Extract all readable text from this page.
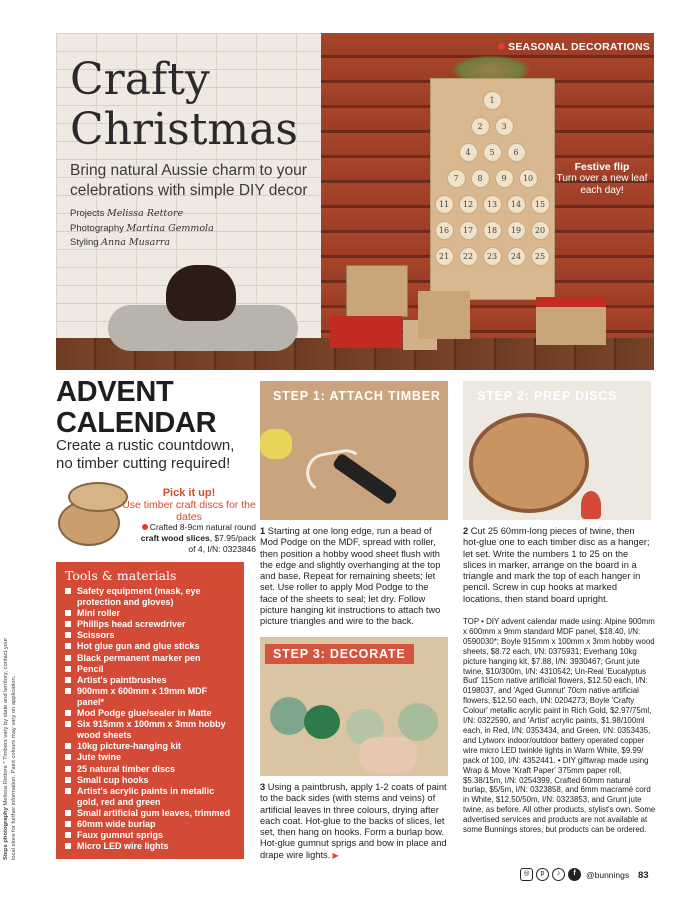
1
2	3
4	5	6
7	8	9	10
11	12	13	14	15
16	17	18	19	20
21	22	23	24	25
Crafty
Christmas
Bring natural Aussie charm to your celebrations with simple DIY decor
Projects Melissa Rettore
Photography Martina Gemmola
Styling Anna Musarra
SEASONAL DECORATIONS
Festive flip
Turn over a new leaf each day!
ADVENT
CALENDAR
Create a rustic countdown, no timber cutting required!
Pick it up!
Use timber craft discs for the dates
Crafted 8-9cm natural round craft wood slices, $7.95/pack of 4, I/N: 0323846
Tools & materials
Safety equipment (mask, eye protection and gloves)
Mini roller
Phillips head screwdriver
Scissors
Hot glue gun and glue sticks
Black permanent marker pen
Pencil
Artist's paintbrushes
900mm x 600mm x 19mm MDF panel*
Mod Podge glue/sealer in Matte
Six 915mm x 100mm x 3mm hobby wood sheets
10kg picture-hanging kit
Jute twine
25 natural timber discs
Small cup hooks
Artist's acrylic paints in metallic gold, red and green
Small artificial gum leaves, trimmed
60mm wide burlap
Faux gumnut sprigs
Micro LED wire lights
Steps photography Melissa Rettore * Timbers vary by state and territory, contact your local store for further information. Paint colours may vary on application.
STEP 1: ATTACH TIMBER
1 Starting at one long edge, run a bead of Mod Podge on the MDF, spread with roller, then position a hobby wood sheet flush with the edge and slightly overhanging at the top and base. Repeat for remaining sheets; let set. Use roller to apply Mod Podge to the face of the sheets to seal; let dry. Follow picture hanging kit instructions to attach two picture triangles and wire to the back.
STEP 2: PREP DISCS
2 Cut 25 60mm-long pieces of twine, then hot-glue one to each timber disc as a hanger; let set. Write the numbers 1 to 25 on the slices in marker, arrange on the board in a triangle and mark the top of each hanger in pencil. Screw in cup hooks at marked locations, then stand board upright.
STEP 3: DECORATE
3 Using a paintbrush, apply 1-2 coats of paint to the back sides (with stems and veins) of artificial leaves in three colours, drying after each coat. Hot-glue to the backs of slices, let set, then hang on hooks. Form a burlap bow. Hot-glue gumnut sprigs and bow in place and drape wire lights. ▶
TOP • DIY advent calendar made using: Alpine 900mm x 600mm x 9mm standard MDF panel, $18.40, I/N: 0590030*; Boyle 915mm x 100mm x 3mm hobby wood sheets, $8.72 each, I/N: 0375931; Everhang 10kg picture hanging kit, $7.88, I/N: 3930467; Grunt jute twine, $10/300m, I/N: 4310542; Un-Real 'Eucalyptus Bud' 115cm native artificial flowers, $12.50 each, I/N: 0198037, and 'Aged Gumnut' 70cm native artificial flowers, $12.50 each, I/N: 0204273; Boyle 'Crafty Colour' metallic acrylic paint in Rich Gold, $2.97/75ml, I/N: 0322590, and 'Artist' acrylic paints, $1.98/100ml each, in Red, I/N: 0353434, and Green, I/N: 0353435, and Lytworx indoor/outdoor battery operated copper wire micro LED twinkle lights in Warm White, $9.99/ pack of 100, I/N: 4352441. • DIY giftwrap made using Wrap & Move 'Kraft Paper' 375mm paper roll, $5.38/15m, I/N: 0254399, Crafted 60mm natural burlap, $5/5m, I/N: 0323858, and 6mm macramé cord in White, $12.50/50m, I/N: 0323853, and Grunt jute twine, as before. All other products, stylist's own. Some advertised services and products are not available at some Bunnings stores, but products can be ordered.
◎	p	♪	f	@bunnings 83
